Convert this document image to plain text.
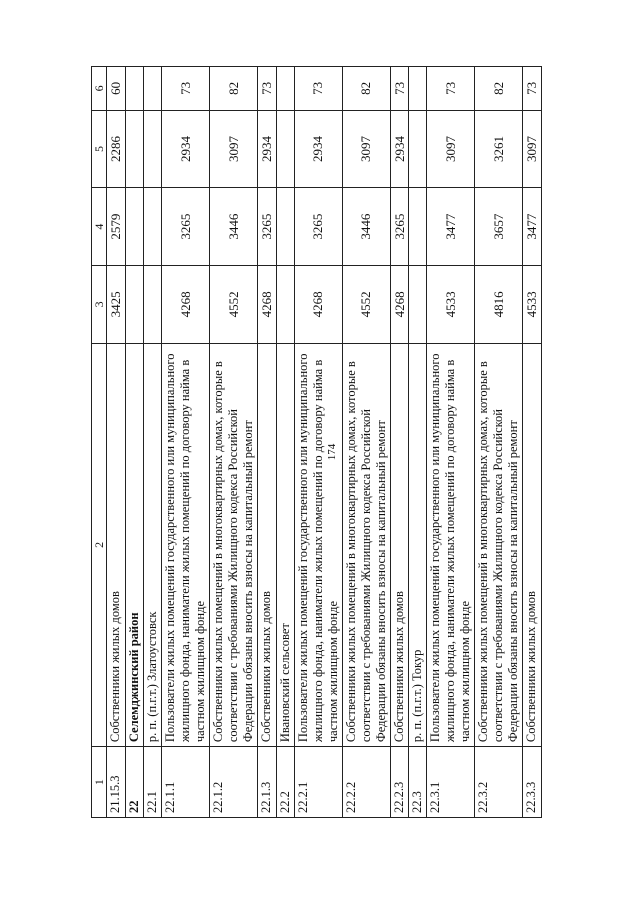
174
1	2	3	4	5	6
21.15.3	Собственники жилых домов	3425	2579	2286	60
22	Селемджинский район				
22.1	р. п. (п.г.т.) Златоустовск				
22.1.1	Пользователи жилых помещений государственного или муниципального жилищного фонда, наниматели жилых помещений по договору найма в частном жилищном фонде	4268	3265	2934	73
22.1.2	Собственники жилых помещений в многоквартирных домах, которые в соответствии с требованиями Жилищного кодекса Российской Федерации обязаны вносить взносы на капитальный ремонт	4552	3446	3097	82
22.1.3	Собственники жилых домов	4268	3265	2934	73
22.2	Ивановский сельсовет				
22.2.1	Пользователи жилых помещений государственного или муниципального жилищного фонда, наниматели жилых помещений по договору найма в частном жилищном фонде	4268	3265	2934	73
22.2.2	Собственники жилых помещений в многоквартирных домах, которые в соответствии с требованиями Жилищного кодекса Российской Федерации обязаны вносить взносы на капитальный ремонт	4552	3446	3097	82
22.2.3	Собственники жилых домов	4268	3265	2934	73
22.3	р. п. (п.г.т.) Токур				
22.3.1	Пользователи жилых помещений государственного или муниципального жилищного фонда, наниматели жилых помещений по договору найма в частном жилищном фонде	4533	3477	3097	73
22.3.2	Собственники жилых помещений в многоквартирных домах, которые в соответствии с требованиями Жилищного кодекса Российской Федерации обязаны вносить взносы на капитальный ремонт	4816	3657	3261	82
22.3.3	Собственники жилых домов	4533	3477	3097	73
